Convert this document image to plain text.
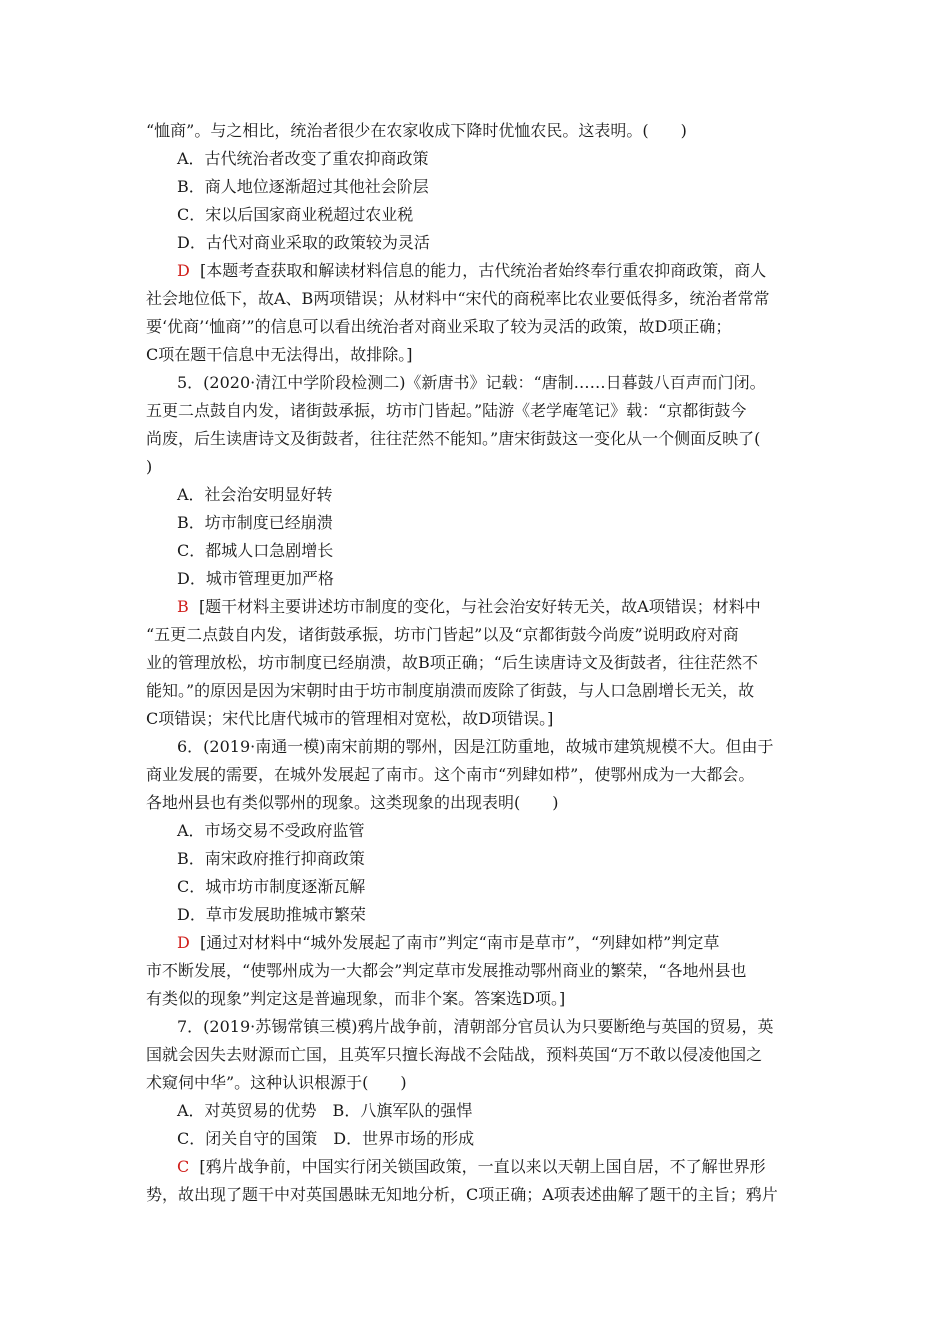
“恤商”。与之相比，统治者很少在农家收成下降时优恤农民。这表明。(　　)
A．古代统治者改变了重农抑商政策
B．商人地位逐渐超过其他社会阶层
C．宋以后国家商业税超过农业税
D．古代对商业采取的政策较为灵活
D [本题考查获取和解读材料信息的能力，古代统治者始终奉行重农抑商政策，商人
社会地位低下，故A、B两项错误；从材料中“宋代的商税率比农业要低得多，统治者常常
要‘优商’‘恤商’”的信息可以看出统治者对商业采取了较为灵活的政策，故D项正确；
C项在题干信息中无法得出，故排除。]
5．(2020·清江中学阶段检测二)《新唐书》记载：“唐制……日暮鼓八百声而门闭。
五更二点鼓自内发，诸街鼓承振，坊市门皆起。”陆游《老学庵笔记》载：“京都街鼓今
尚废，后生读唐诗文及街鼓者，往往茫然不能知。”唐宋街鼓这一变化从一个侧面反映了(
)
A．社会治安明显好转
B．坊市制度已经崩溃
C．都城人口急剧增长
D．城市管理更加严格
B [题干材料主要讲述坊市制度的变化，与社会治安好转无关，故A项错误；材料中
“五更二点鼓自内发，诸街鼓承振，坊市门皆起”以及“京都街鼓今尚废”说明政府对商
业的管理放松，坊市制度已经崩溃，故B项正确；“后生读唐诗文及街鼓者，往往茫然不
能知。”的原因是因为宋朝时由于坊市制度崩溃而废除了街鼓，与人口急剧增长无关，故
C项错误；宋代比唐代城市的管理相对宽松，故D项错误。]
6．(2019·南通一模)南宋前期的鄂州，因是江防重地，故城市建筑规模不大。但由于
商业发展的需要，在城外发展起了南市。这个南市“列肆如栉”，使鄂州成为一大都会。
各地州县也有类似鄂州的现象。这类现象的出现表明(　　)
A．市场交易不受政府监管
B．南宋政府推行抑商政策
C．城市坊市制度逐渐瓦解
D．草市发展助推城市繁荣
D [通过对材料中“城外发展起了南市”判定“南市是草市”，“列肆如栉”判定草
市不断发展，“使鄂州成为一大都会”判定草市发展推动鄂州商业的繁荣，“各地州县也
有类似的现象”判定这是普遍现象，而非个案。答案选D项。]
7．(2019·苏锡常镇三模)鸦片战争前，清朝部分官员认为只要断绝与英国的贸易，英
国就会因失去财源而亡国，且英军只擅长海战不会陆战，预料英国“万不敢以侵凌他国之
术窥伺中华”。这种认识根源于(　　)
A．对英贸易的优势　B．八旗军队的强悍
C．闭关自守的国策　D．世界市场的形成
C [鸦片战争前，中国实行闭关锁国政策，一直以来以天朝上国自居，不了解世界形
势，故出现了题干中对英国愚昧无知地分析，C项正确；A项表述曲解了题干的主旨；鸦片
